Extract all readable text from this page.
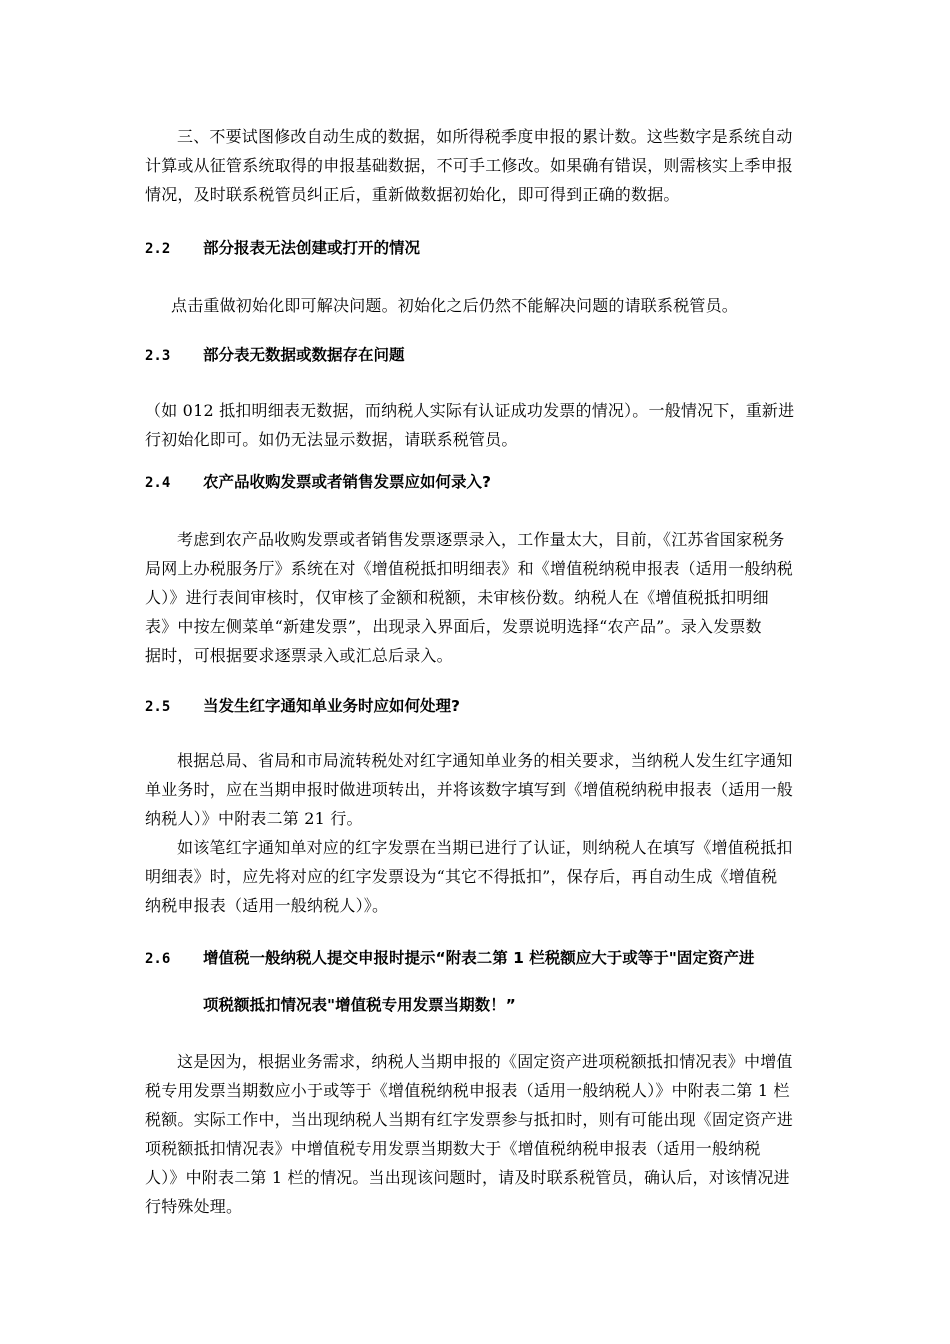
三、不要试图修改自动生成的数据，如所得税季度申报的累计数。这些数字是系统自动
计算或从征管系统取得的申报基础数据，不可手工修改。如果确有错误，则需核实上季申报
情况，及时联系税管员纠正后，重新做数据初始化，即可得到正确的数据。

2.2 部分报表无法创建或打开的情况

点击重做初始化即可解决问题。初始化之后仍然不能解决问题的请联系税管员。

2.3 部分表无数据或数据存在问题

（如 012 抵扣明细表无数据，而纳税人实际有认证成功发票的情况）。一般情况下，重新进
行初始化即可。如仍无法显示数据，请联系税管员。

2.4 农产品收购发票或者销售发票应如何录入?

考虑到农产品收购发票或者销售发票逐票录入，工作量太大，目前，《江苏省国家税务
局网上办税服务厅》系统在对《增值税抵扣明细表》和《增值税纳税申报表（适用一般纳税
人）》进行表间审核时，仅审核了金额和税额，未审核份数。纳税人在《增值税抵扣明细
表》中按左侧菜单“新建发票”，出现录入界面后，发票说明选择“农产品”。录入发票数
据时，可根据要求逐票录入或汇总后录入。

2.5 当发生红字通知单业务时应如何处理?

根据总局、省局和市局流转税处对红字通知单业务的相关要求，当纳税人发生红字通知
单业务时，应在当期申报时做进项转出，并将该数字填写到《增值税纳税申报表（适用一般
纳税人）》中附表二第 21 行。

如该笔红字通知单对应的红字发票在当期已进行了认证，则纳税人在填写《增值税抵扣
明细表》时，应先将对应的红字发票设为“其它不得抵扣”，保存后，再自动生成《增值税
纳税申报表（适用一般纳税人）》。

2.6 增值税一般纳税人提交申报时提示“附表二第 1 栏税额应大于或等于"固定资产进
项税额抵扣情况表"增值税专用发票当期数！”

这是因为，根据业务需求，纳税人当期申报的《固定资产进项税额抵扣情况表》中增值
税专用发票当期数应小于或等于《增值税纳税申报表（适用一般纳税人）》中附表二第 1 栏
税额。实际工作中，当出现纳税人当期有红字发票参与抵扣时，则有可能出现《固定资产进
项税额抵扣情况表》中增值税专用发票当期数大于《增值税纳税申报表（适用一般纳税
人）》中附表二第 1 栏的情况。当出现该问题时，请及时联系税管员，确认后，对该情况进
行特殊处理。
